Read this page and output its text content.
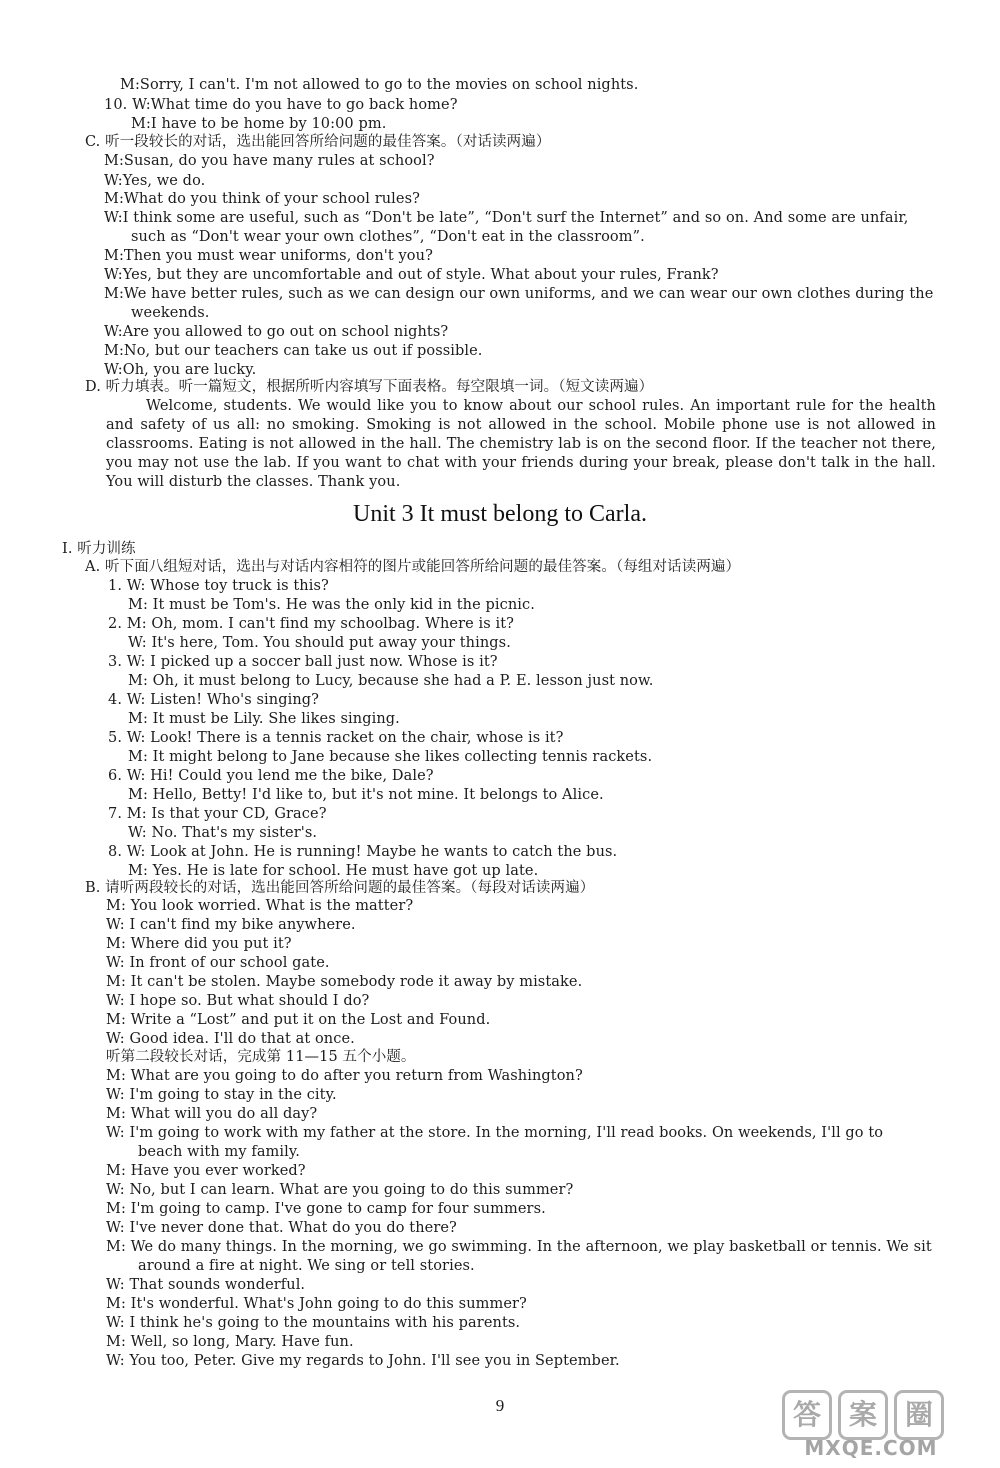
M:Sorry, I can't. I'm not allowed to go to the movies on school nights.
10. W:What time do you have to go back home?
M:I have to be home by 10:00 pm.
C. 听一段较长的对话，选出能回答所给问题的最佳答案。（对话读两遍）
M:Susan, do you have many rules at school?
W:Yes, we do.
M:What do you think of your school rules?
W:I think some are useful, such as “Don't be late”, “Don't surf the Internet” and so on. And some are unfair,
such as “Don't wear your own clothes”, “Don't eat in the classroom”.
M:Then you must wear uniforms, don't you?
W:Yes, but they are uncomfortable and out of style. What about your rules, Frank?
M:We have better rules, such as we can design our own uniforms, and we can wear our own clothes during the
weekends.
W:Are you allowed to go out on school nights?
M:No, but our teachers can take us out if possible.
W:Oh, you are lucky.
D. 听力填表。听一篇短文，根据所听内容填写下面表格。每空限填一词。（短文读两遍）
Welcome, students. We would like you to know about our school rules. An important rule for the health and safety of us all: no smoking. Smoking is not allowed in the school. Mobile phone use is not allowed in classrooms. Eating is not allowed in the hall. The chemistry lab is on the second floor. If the teacher not there, you may not use the lab. If you want to chat with your friends during your break, please don't talk in the hall. You will disturb the classes. Thank you.
Ⅰ. 听力训练
A. 听下面八组短对话，选出与对话内容相符的图片或能回答所给问题的最佳答案。（每组对话读两遍）
1. W: Whose toy truck is this?
M: It must be Tom's. He was the only kid in the picnic.
2. M: Oh, mom. I can't find my schoolbag. Where is it?
W: It's here, Tom. You should put away your things.
3. W: I picked up a soccer ball just now. Whose is it?
M: Oh, it must belong to Lucy, because she had a P. E. lesson just now.
4. W: Listen! Who's singing?
M: It must be Lily. She likes singing.
5. W: Look! There is a tennis racket on the chair, whose is it?
M: It might belong to Jane because she likes collecting tennis rackets.
6. W: Hi! Could you lend me the bike, Dale?
M: Hello, Betty! I'd like to, but it's not mine. It belongs to Alice.
7. M: Is that your CD, Grace?
W: No. That's my sister's.
8. W: Look at John. He is running! Maybe he wants to catch the bus.
M: Yes. He is late for school. He must have got up late.
B. 请听两段较长的对话，选出能回答所给问题的最佳答案。（每段对话读两遍）
M: You look worried. What is the matter?
W: I can't find my bike anywhere.
M: Where did you put it?
W: In front of our school gate.
M: It can't be stolen. Maybe somebody rode it away by mistake.
W: I hope so. But what should I do?
M: Write a “Lost” and put it on the Lost and Found.
W: Good idea. I'll do that at once.
听第二段较长对话，完成第 11—15 五个小题。
M: What are you going to do after you return from Washington?
W: I'm going to stay in the city.
M: What will you do all day?
W: I'm going to work with my father at the store. In the morning, I'll read books. On weekends, I'll go to
beach with my family.
M: Have you ever worked?
W: No, but I can learn. What are you going to do this summer?
M: I'm going to camp. I've gone to camp for four summers.
W: I've never done that. What do you do there?
M: We do many things. In the morning, we go swimming. In the afternoon, we play basketball or tennis. We sit
around a fire at night. We sing or tell stories.
W: That sounds wonderful.
M: It's wonderful. What's John going to do this summer?
W: I think he's going to the mountains with his parents.
M: Well, so long, Mary. Have fun.
W: You too, Peter. Give my regards to John. I'll see you in September.
Unit 3 It must belong to Carla.
9	答 案 圈
MXQE.COM
